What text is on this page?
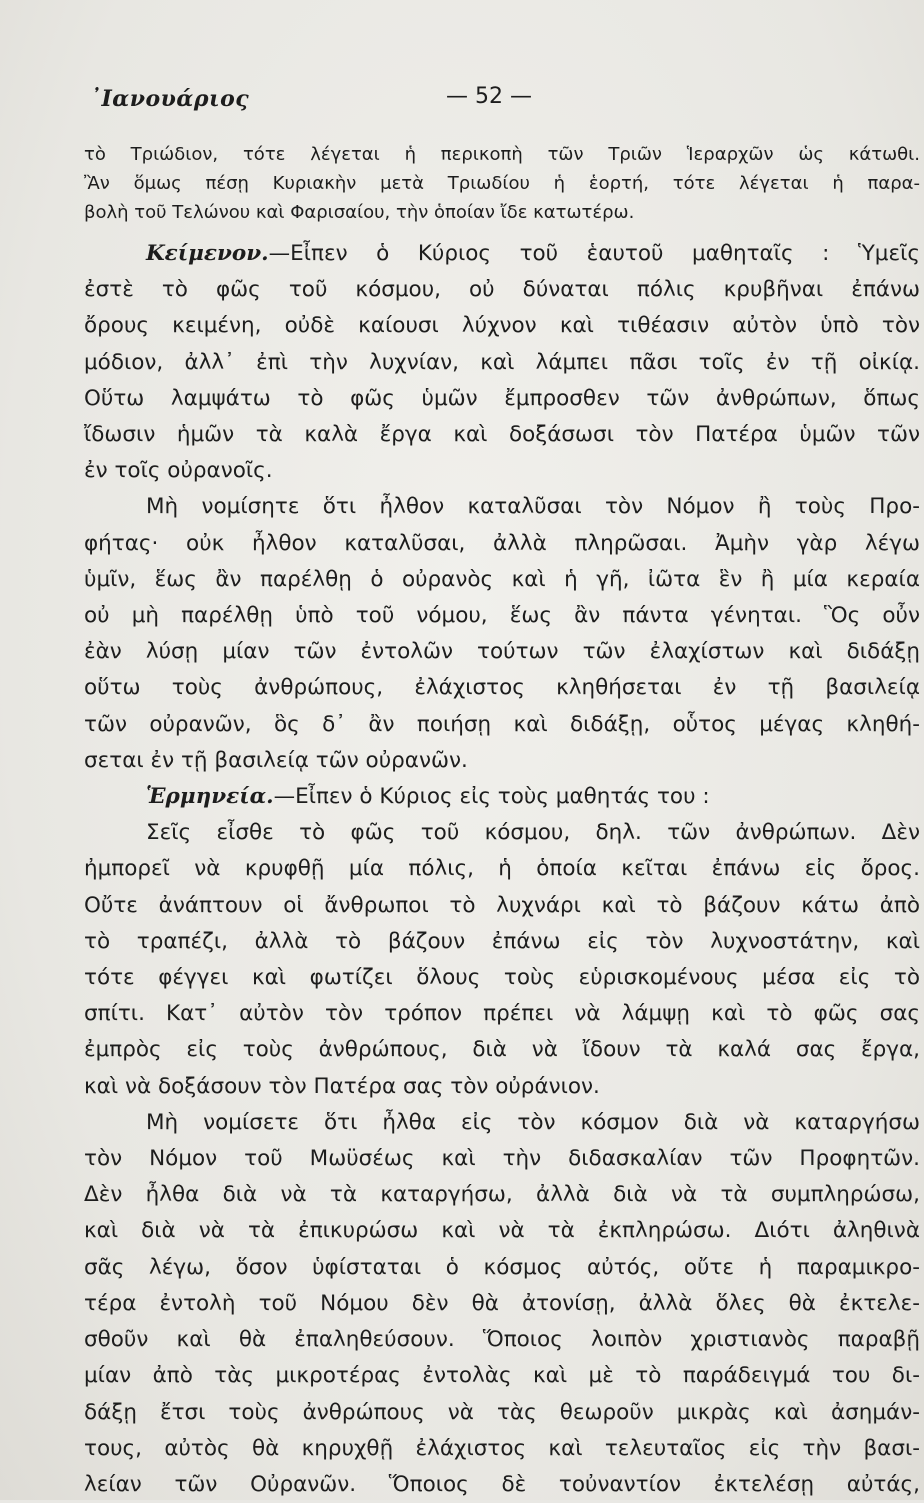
᾿Ιανουάριος	— 52 —
τὸ Τριώδιον, τότε λέγεται ἡ περικοπὴ τῶν Τριῶν Ἱεραρχῶν ὡς κάτωθι.
Ἂν ὅμως πέσῃ Κυριακὴν μετὰ Τριωδίου ἡ ἑορτή, τότε λέγεται ἡ παρα-
βολὴ τοῦ Τελώνου καὶ Φαρισαίου, τὴν ὁποίαν ἴδε κατωτέρω.
Κείμενον.—Εἶπεν ὁ Κύριος τοῦ ἑαυτοῦ μαθηταῖς : Ὑμεῖς
ἐστὲ τὸ φῶς τοῦ κόσμου, οὐ δύναται πόλις κρυβῆναι ἐπάνω
ὄρους κειμένη, οὐδὲ καίουσι λύχνον καὶ τιθέασιν αὐτὸν ὑπὸ τὸν
μόδιον, ἀλλ᾿ ἐπὶ τὴν λυχνίαν, καὶ λάμπει πᾶσι τοῖς ἐν τῇ οἰκίᾳ.
Οὕτω λαμψάτω τὸ φῶς ὑμῶν ἔμπροσθεν τῶν ἀνθρώπων, ὅπως
ἴδωσιν ἡμῶν τὰ καλὰ ἔργα καὶ δοξάσωσι τὸν Πατέρα ὑμῶν τῶν
ἐν τοῖς οὐρανοῖς.
Μὴ νομίσητε ὅτι ἦλθον καταλῦσαι τὸν Νόμον ἢ τοὺς Προ-
φήτας· οὐκ ἦλθον καταλῦσαι, ἀλλὰ πληρῶσαι. Ἀμὴν γὰρ λέγω
ὑμῖν, ἕως ἂν παρέλθῃ ὁ οὐρανὸς καὶ ἡ γῆ, ἰῶτα ἓν ἢ μία κεραία
οὐ μὴ παρέλθῃ ὑπὸ τοῦ νόμου, ἕως ἂν πάντα γένηται. Ὃς οὖν
ἐὰν λύσῃ μίαν τῶν ἐντολῶν τούτων τῶν ἐλαχίστων καὶ διδάξῃ
οὕτω τοὺς ἀνθρώπους, ἐλάχιστος κληθήσεται ἐν τῇ βασιλείᾳ
τῶν οὐρανῶν, ὃς δ᾿ ἂν ποιήσῃ καὶ διδάξῃ, οὗτος μέγας κληθή-
σεται ἐν τῇ βασιλείᾳ τῶν οὐρανῶν.
Ἑρμηνεία.—Εἶπεν ὁ Κύριος εἰς τοὺς μαθητάς του :
Σεῖς εἶσθε τὸ φῶς τοῦ κόσμου, δηλ. τῶν ἀνθρώπων. Δὲν
ἠμπορεῖ νὰ κρυφθῇ μία πόλις, ἡ ὁποία κεῖται ἐπάνω εἰς ὄρος.
Οὔτε ἀνάπτουν οἱ ἄνθρωποι τὸ λυχνάρι καὶ τὸ βάζουν κάτω ἀπὸ
τὸ τραπέζι, ἀλλὰ τὸ βάζουν ἐπάνω εἰς τὸν λυχνοστάτην, καὶ
τότε φέγγει καὶ φωτίζει ὅλους τοὺς εὑρισκομένους μέσα εἰς τὸ
σπίτι. Κατ᾿ αὐτὸν τὸν τρόπον πρέπει νὰ λάμψῃ καὶ τὸ φῶς σας
ἐμπρὸς εἰς τοὺς ἀνθρώπους, διὰ νὰ ἴδουν τὰ καλά σας ἔργα,
καὶ νὰ δοξάσουν τὸν Πατέρα σας τὸν οὐράνιον.
Μὴ νομίσετε ὅτι ἦλθα εἰς τὸν κόσμον διὰ νὰ καταργήσω
τὸν Νόμον τοῦ Μωϋσέως καὶ τὴν διδασκαλίαν τῶν Προφητῶν.
Δὲν ἦλθα διὰ νὰ τὰ καταργήσω, ἀλλὰ διὰ νὰ τὰ συμπληρώσω,
καὶ διὰ νὰ τὰ ἐπικυρώσω καὶ νὰ τὰ ἐκπληρώσω. Διότι ἀληθινὰ
σᾶς λέγω, ὅσον ὑφίσταται ὁ κόσμος αὐτός, οὔτε ἡ παραμικρο-
τέρα ἐντολὴ τοῦ Νόμου δὲν θὰ ἀτονίσῃ, ἀλλὰ ὅλες θὰ ἐκτελε-
σθοῦν καὶ θὰ ἐπαληθεύσουν. Ὅποιος λοιπὸν χριστιανὸς παραβῇ
μίαν ἀπὸ τὰς μικροτέρας ἐντολὰς καὶ μὲ τὸ παράδειγμά του δι-
δάξῃ ἔτσι τοὺς ἀνθρώπους νὰ τὰς θεωροῦν μικρὰς καὶ ἀσημάν-
τους, αὐτὸς θὰ κηρυχθῇ ἐλάχιστος καὶ τελευταῖος εἰς τὴν βασι-
λείαν τῶν Οὐρανῶν. Ὅποιος δὲ τοὐναντίον ἐκτελέσῃ αὐτάς,
